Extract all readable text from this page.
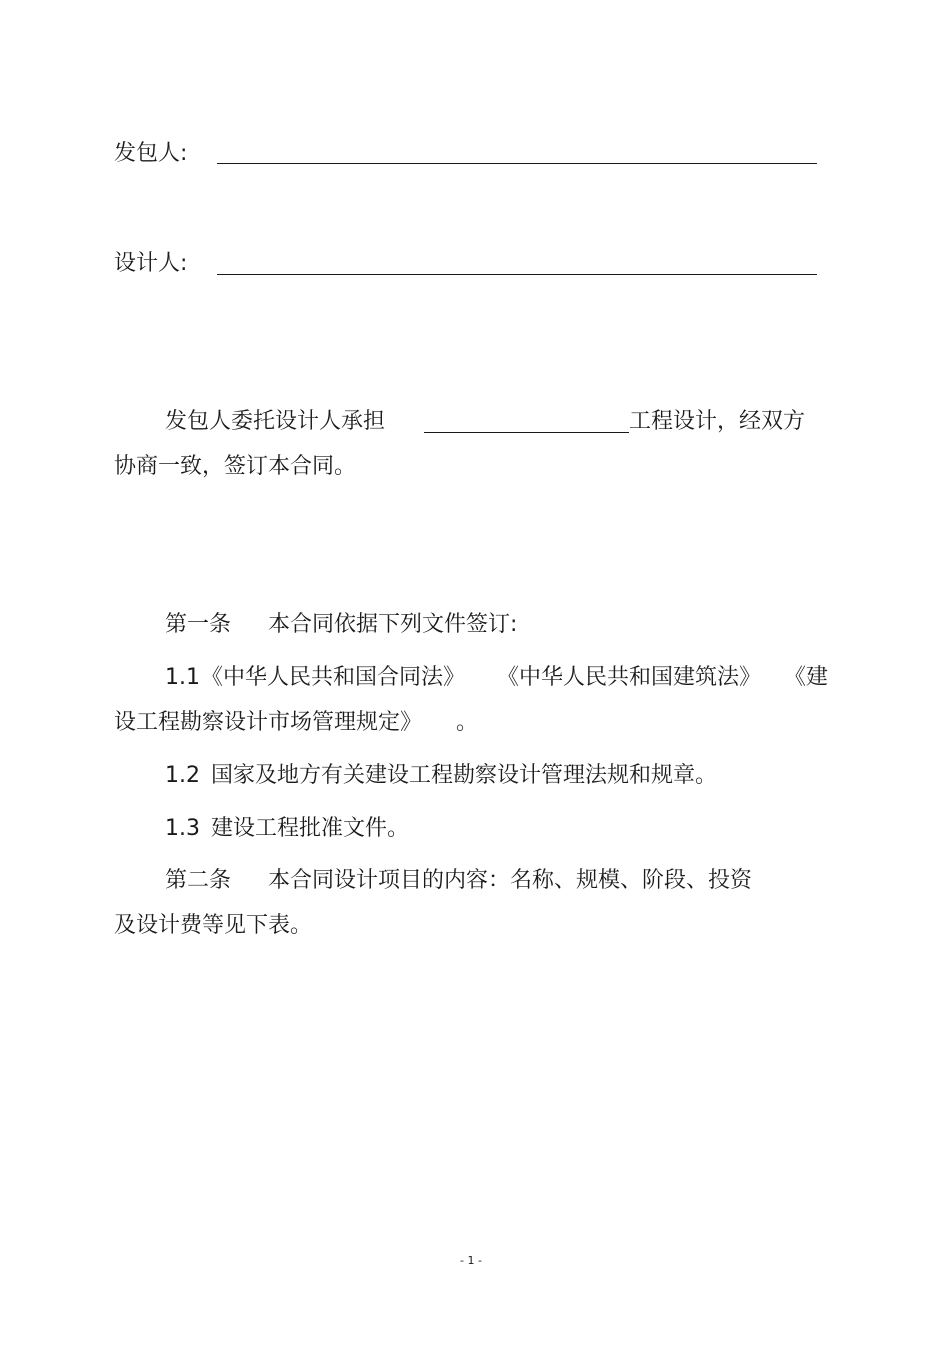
发包人:
设计人:
发包人委托设计人承担	工程设计，经双方
协商一致，签订本合同。
第一条 本合同依据下列文件签订:
1.1 《中华人民共和国合同法》 《中华人民共和国建筑法》 《建
设工程勘察设计市场管理规定》 。
1.2 国家及地方有关建设工程勘察设计管理法规和规章。
1.3 建设工程批准文件。
第二条 本合同设计项目的内容：名称、规模、阶段、投资
及设计费等见下表。
- 1 -
